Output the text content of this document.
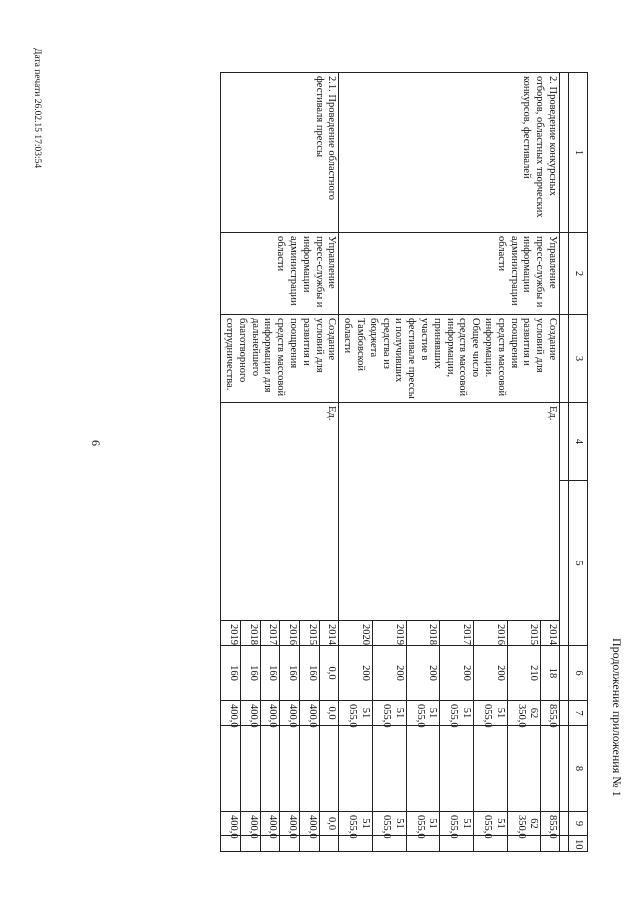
6
Продолжение приложения № 1
1	2	3	4	5		6	7	8	9	10	

2. Проведение конкурсных отборов, областных творческих конкурсов, фестивалей	Управление пресс-службы и информации администрации области	Создание условий для развития и поощрения средств массовой информации. Общее число средств массовой информации, принявших участие в фестивале прессы и получивших средства из бюджета Тамбовской области	Ед.		2014	18	855,0		855,0		
					2015	210	62 350,0		62 350,0		
					2016	200	51 055,0		51 055,0		
					2017	200	51 055,0		51 055,0		
					2018	200	51 055,0		51 055,0		
					2019	200	51 055,0		51 055,0		
					2020	200	51 055,0		51 055,0		
2.1. Проведение областного фестиваля прессы	Управление пресс-службы и информации администрации области	Создание условий для развития и поощрения средств массовой информации для дальнейшего благотворного сотрудничества.	Ед.		2014	0,0	0,0		0,0		
					2015	160	400,0		400,0		
					2016	160	400,0		400,0		
					2017	160	400,0		400,0		
					2018	160	400,0		400,0		
					2019	160	400,0		400,0		
Дата печати 26.02.15 17:03:54
